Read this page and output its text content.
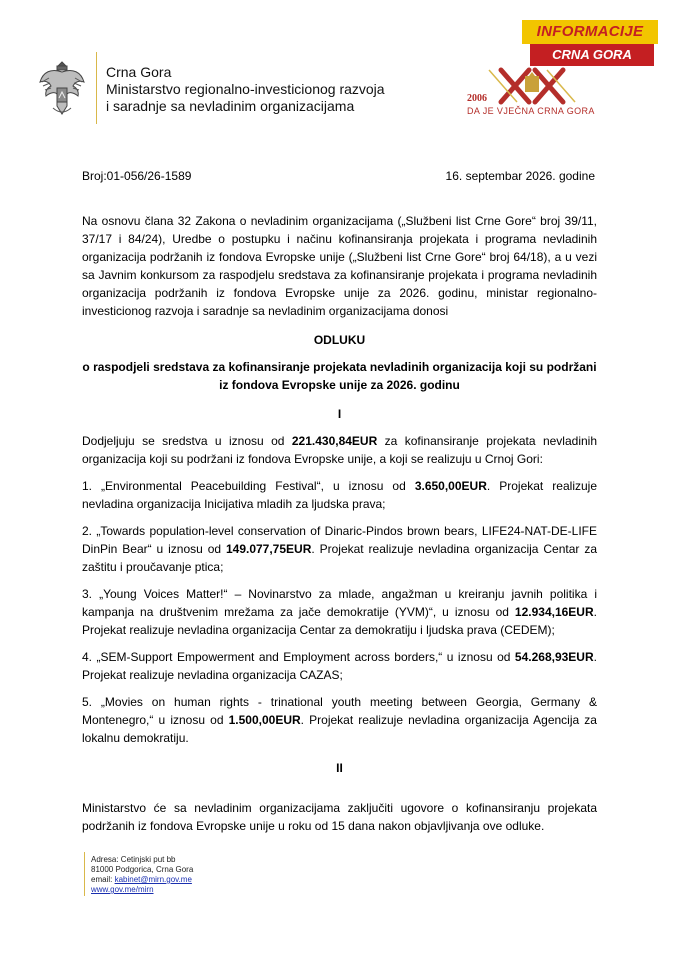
Crna Gora
Ministarstvo regionalno-investicionog razvoja
i saradnje sa nevladinim organizacijama
INFORMACIJE
CRNA GORA
2006
DA JE VJEČNA CRNA GORA
Broj:01-056/26-1589	16. septembar 2026. godine

Na osnovu člana 32 Zakona o nevladinim organizacijama („Službeni list Crne Gore“ broj 39/11, 37/17 i 84/24), Uredbe o postupku i načinu kofinansiranja projekata i programa nevladinih organizacija podržanih iz fondova Evropske unije („Službeni list Crne Gore“ broj 64/18), a u vezi sa Javnim konkursom za raspodjelu sredstava za kofinansiranje projekata i programa nevladinih organizacija podržanih iz fondova Evropske unije za 2026. godinu, ministar regionalno-investicionog razvoja i saradnje sa nevladinim organizacijama donosi

ODLUKU
o raspodjeli sredstava za kofinansiranje projekata nevladinih organizacija koji su podržani iz fondova Evropske unije za 2026. godinu
I

Dodjeljuju se sredstva u iznosu od 221.430,84EUR za kofinansiranje projekata nevladinih organizacija koji su podržani iz fondova Evropske unije, a koji se realizuju u Crnoj Gori:

1. „Environmental Peacebuilding Festival“, u iznosu od 3.650,00EUR. Projekat realizuje nevladina organizacija Inicijativa mladih za ljudska prava;

2. „Towards population-level conservation of Dinaric-Pindos brown bears, LIFE24-NAT-DE-LIFE DinPin Bear“ u iznosu od 149.077,75EUR. Projekat realizuje nevladina organizacija Centar za zaštitu i proučavanje ptica;

3. „Young Voices Matter!“ – Novinarstvo za mlade, angažman u kreiranju javnih politika i kampanja na društvenim mrežama za jače demokratije (YVM)“, u iznosu od 12.934,16EUR. Projekat realizuje nevladina organizacija Centar za demokratiju i ljudska prava (CEDEM);

4. „SEM-Support Empowerment and Employment across borders,“ u iznosu od 54.268,93EUR. Projekat realizuje nevladina organizacija CAZAS;

5. „Movies on human rights - trinational youth meeting between Georgia, Germany & Montenegro,“ u iznosu od 1.500,00EUR. Projekat realizuje nevladina organizacija Agencija za lokalnu demokratiju.

II

Ministarstvo će sa nevladinim organizacijama zaključiti ugovore o kofinansiranju projekata podržanih iz fondova Evropske unije u roku od 15 dana nakon objavljivanja ove odluke.

Adresa: Cetinjski put bb
81000 Podgorica, Crna Gora
email: kabinet@mirn.gov.me
www.gov.me/mirn
